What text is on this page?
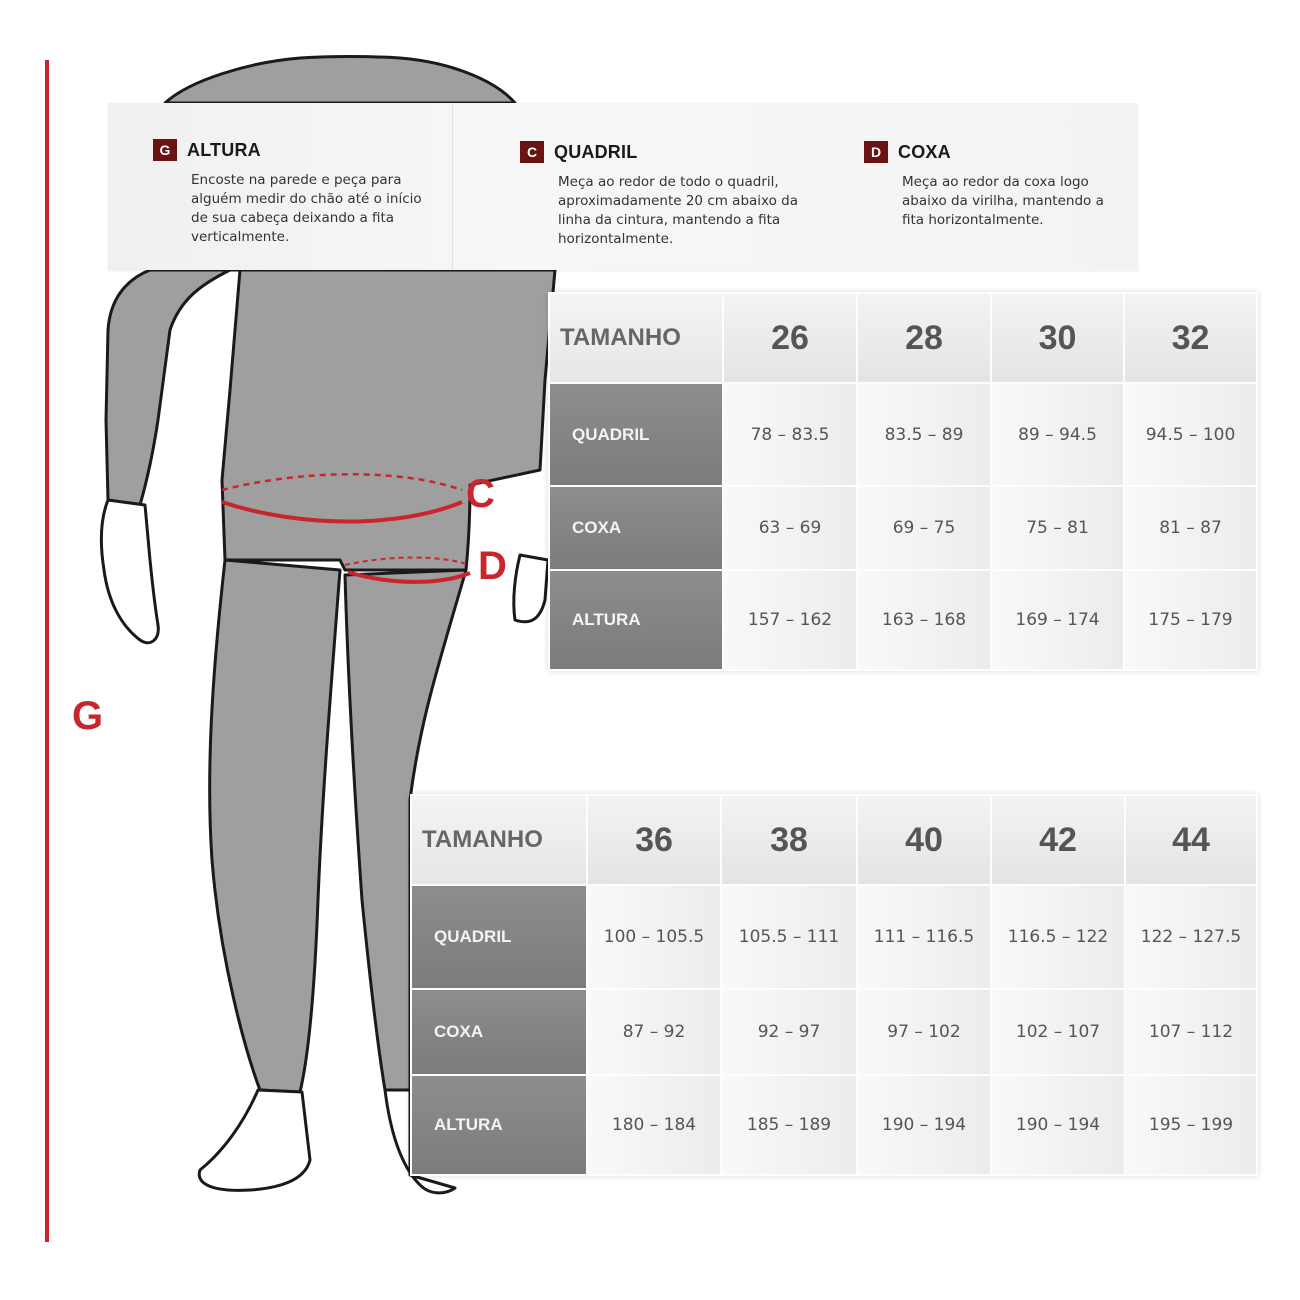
C
D
G
G ALTURA
Encoste na parede e peça para
alguém medir do chão até o início
de sua cabeça deixando a fita
verticalmente.
C QUADRIL
Meça ao redor de todo o quadril,
aproximadamente 20 cm abaixo da
linha da cintura, mantendo a fita
horizontalmente.
D COXA
Meça ao redor da coxa logo
abaixo da virilha, mantendo a
fita horizontalmente.
TAMANHO	26	28	30	32
QUADRIL	78 – 83.5	83.5 – 89	89 – 94.5	94.5 – 100
COXA	63 – 69	69 – 75	75 – 81	81 – 87
ALTURA	157 – 162	163 – 168	169 – 174	175 – 179
TAMANHO	36	38	40	42	44
QUADRIL	100 – 105.5	105.5 – 111	111 – 116.5	116.5 – 122	122 – 127.5
COXA	87 – 92	92 – 97	97 – 102	102 – 107	107 – 112
ALTURA	180 – 184	185 – 189	190 – 194	190 – 194	195 – 199
